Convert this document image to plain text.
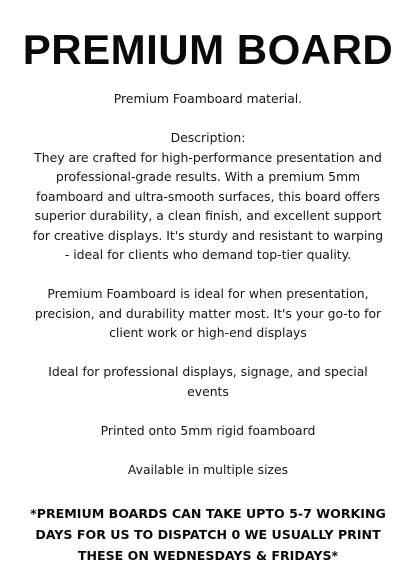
PREMIUM BOARD

Premium Foamboard material.

Description:

They are crafted for high-performance presentation and professional-grade results. With a premium 5mm foamboard and ultra-smooth surfaces, this board offers superior durability, a clean finish, and excellent support for creative displays. It's sturdy and resistant to warping - ideal for clients who demand top-tier quality.

Premium Foamboard is ideal for when presentation, precision, and durability matter most. It's your go-to for client work or high-end displays

Ideal for professional displays, signage, and special events

Printed onto 5mm rigid foamboard

Available in multiple sizes

*PREMIUM BOARDS CAN TAKE UPTO 5-7 WORKING DAYS FOR US TO DISPATCH 0 WE USUALLY PRINT THESE ON WEDNESDAYS & FRIDAYS*
